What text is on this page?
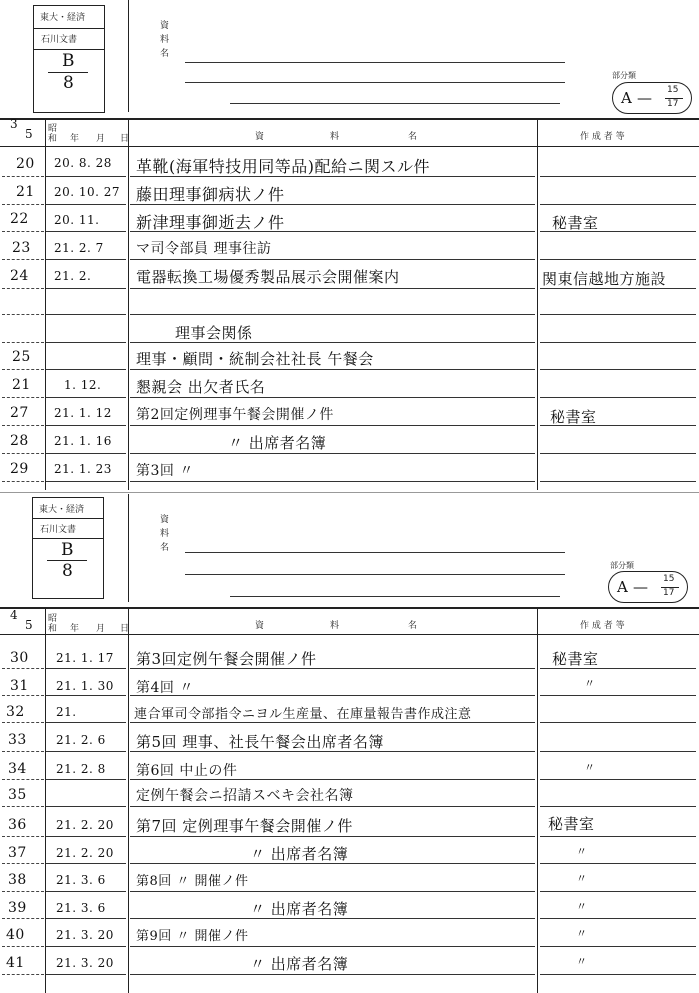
東大・経済
石川文書
B
8
資
料
名
部分類
A — 15
17
3
5 昭
和 年 月 日	資	料	名	作 成 者 等
20 20. 8. 28 革靴(海軍特技用同等品)配給ニ関スル件
21 20. 10. 27 藤田理事御病状ノ件
22 20. 11. 新津理事御逝去ノ件	秘書室
23 21. 2. 7 マ司令部員 理事往訪
24 21. 2.	電器転換工場優秀製品展示会開催案内	関東信越地方施設
理事会関係
25	理事・顧問・統制会社社長 午餐会
21	1. 12. 懇親会 出欠者氏名
27 21. 1. 12 第2回定例理事午餐会開催ノ件	秘書室
28 21. 1. 16	〃 出席者名簿
29 21. 1. 23 第3回 〃
東大・経済
石川文書
B
8
資
料
名
部分類
A — 15
17
4
5 昭
和 年 月 日	資	料	名	作 成 者 等
30 21. 1. 17 第3回定例午餐会開催ノ件	秘書室
31 21. 1. 30 第4回 〃	〃
32	21.	連合軍司令部指令ニヨル生産量、在庫量報告書作成注意
33 21. 2. 6 第5回 理事、社長午餐会出席者名簿
34 21. 2. 8 第6回 中止の件	〃
35	定例午餐会ニ招請スベキ会社名簿
36 21. 2. 20 第7回 定例理事午餐会開催ノ件	秘書室
37 21. 2. 20	〃 出席者名簿	〃
38 21. 3. 6 第8回 〃 開催ノ件	〃
39 21. 3. 6	〃 出席者名簿	〃
40	21. 3. 20 第9回 〃 開催ノ件	〃
41	21. 3. 20	〃 出席者名簿	〃
